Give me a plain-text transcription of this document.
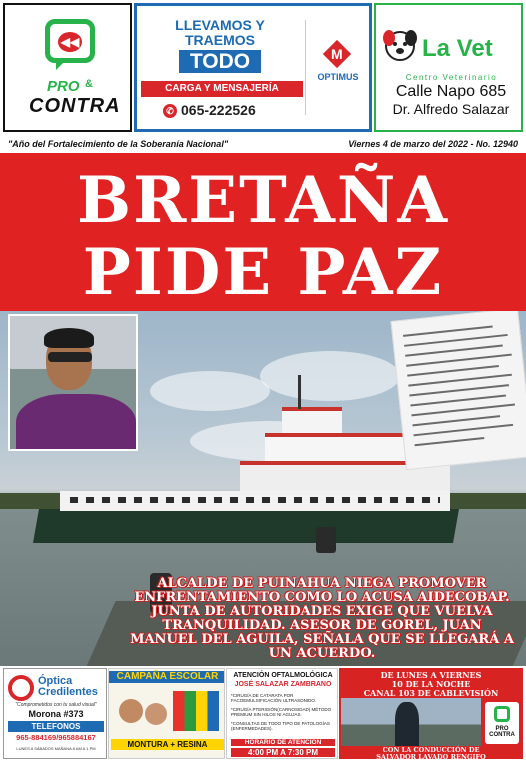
◀◀
PRO &
CONTRA
LLEVAMOS Y
TRAEMOS
TODO
CARGA Y MENSAJERÍA
✆ 065-222526
M
OPTIMUS
La Vet
Centro Veterinario
Calle Napo 685
Dr. Alfredo Salazar
"Año del Fortalecimiento de la Soberanía Nacional"	Viernes 4 de marzo del 2022 - No. 12940
BRETAÑA
PIDE PAZ
ALCALDE DE PUINAHUA NIEGA PROMOVER ENFRENTAMIENTO COMO LO ACUSA AIDECOBAP. JUNTA DE AUTORIDADES EXIGE QUE VUELVA TRANQUILIDAD. ASESOR DE GOREL, JUAN MANUEL DEL AGUILA, SEÑALA QUE SE LLEGARÁ A UN ACUERDO.
Óptica
Credilentes
"Comprometidos con tu salud visual"
Morona #373
TELEFONOS
965-884169/965884167
LUNES A SÁBADOS MAÑANA 8 AM A 1 PM
CAMPAÑA ESCOLAR
MONTURA + RESINA
ATENCIÓN OFTALMOLÓGICA
JOSÉ SALAZAR ZAMBRANO
*CIRUGÍA DE CATARATA POR FACOEMULSIFICACIÓN ULTRASONIDO.
*CIRUGÍA PTERIGIÓN(CARNOSIDAD) MÉTODO PREMIUM SIN HILOS NI AGUJAS.
*CONSULTAS DE TODO TIPO DE PATOLOGÍAS (ENFERMEDADES).
HORARIO DE ATENCIÓN
4:00 PM A 7:30 PM
DE LUNES A VIERNES
10 DE LA NOCHE
CANAL 103 DE CABLEVISIÓN
PRO CONTRA
CON LA CONDUCCIÓN DE
SALVADOR LAVADO RENGIFO
